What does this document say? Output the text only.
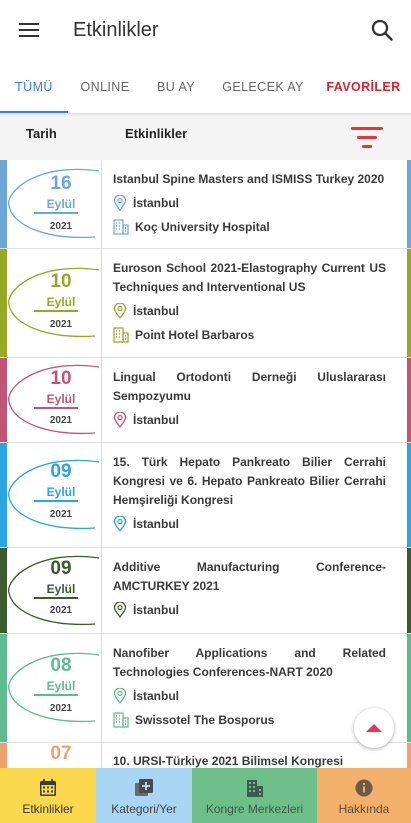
Etkinlikler
TÜMÜ	ONLINE	BU AY	GELECEK AY	FAVORİLER
Tarih	Etkinlikler
16
Eylül
2021
Istanbul Spine Masters and ISMISS Turkey 2020
İstanbul
Koç University Hospital
10
Eylül
2021
Euroson School 2021-Elastography Current US Techniques and Interventional US
İstanbul
Point Hotel Barbaros
10
Eylül
2021
Lingual Ortodonti Derneği Uluslararası Sempozyumu
İstanbul
09
Eylül
2021
15. Türk Hepato Pankreato Bilier Cerrahi Kongresi ve 6. Hepato Pankreato Bilier Cerrahi Hemşireliği Kongresi
İstanbul
09
Eylül
2021
Additive Manufacturing Conference-AMCTURKEY 2021
İstanbul
08
Eylül
2021
Nanofiber Applications and Related Technologies Conferences-NART 2020
İstanbul
Swissotel The Bosporus
07	10. URSI-Türkiye 2021 Bilimsel Kongresi
Etkinlikler	Kategori/Yer Kongre Merkezleri	Hakkında
